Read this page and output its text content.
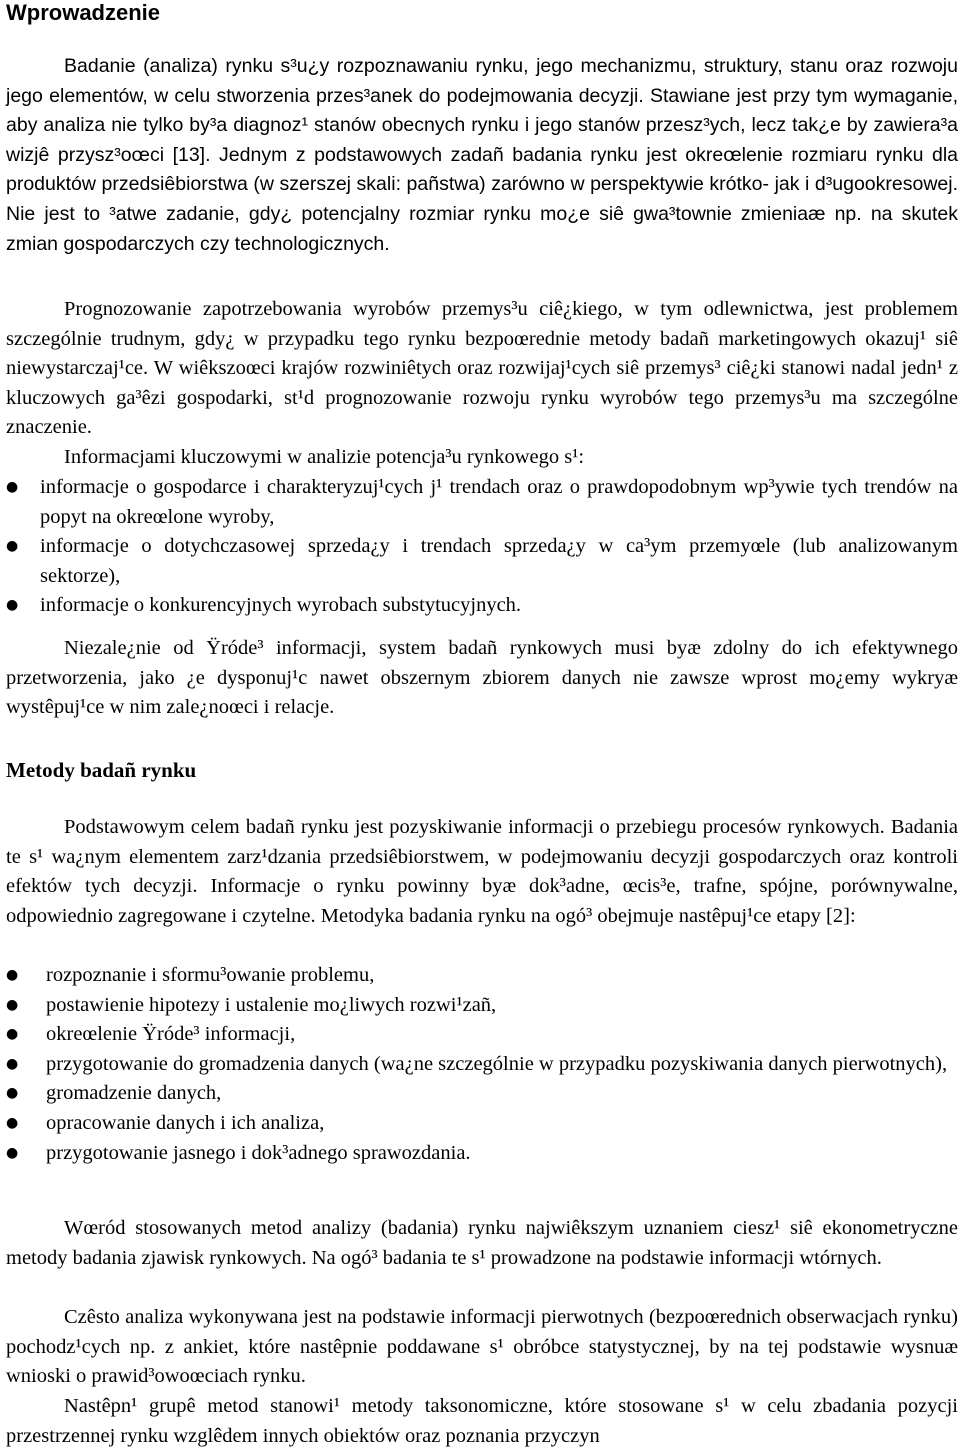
Wprowadzenie

Badanie (analiza) rynku s³u¿y rozpoznawaniu rynku, jego mechanizmu, struktury, stanu oraz rozwoju jego elementów, w celu stworzenia przes³anek do podejmowania decyzji. Stawiane jest przy tym wymaganie, aby analiza nie tylko by³a diagnoz¹ stanów obecnych rynku i jego stanów przesz³ych, lecz tak¿e by zawiera³a wizjê przysz³oœci [13]. Jednym z podstawowych zadañ badania rynku jest okreœlenie rozmiaru rynku dla produktów przedsiêbiorstwa (w szerszej skali: pañstwa) zarówno w perspektywie krótko- jak i d³ugookresowej. Nie jest to ³atwe zadanie, gdy¿ potencjalny rozmiar rynku mo¿e siê gwa³townie zmieniaæ np. na skutek zmian gospodarczych czy technologicznych.

Prognozowanie zapotrzebowania wyrobów przemys³u ciê¿kiego, w tym odlewnictwa, jest problemem szczególnie trudnym, gdy¿ w przypadku tego rynku bezpoœrednie metody badañ marketingowych okazuj¹ siê niewystarczaj¹ce. W wiêkszoœci krajów rozwiniêtych oraz rozwijaj¹cych siê przemys³ ciê¿ki stanowi nadal jedn¹ z kluczowych ga³êzi gospodarki, st¹d prognozowanie rozwoju rynku wyrobów tego przemys³u ma szczególne znaczenie.

Informacjami kluczowymi w analizie potencja³u rynkowego s¹:

● informacje o gospodarce i charakteryzuj¹cych j¹ trendach oraz o prawdopodobnym wp³ywie tych trendów na popyt na okreœlone wyroby,
● informacje o dotychczasowej sprzeda¿y i trendach sprzeda¿y w ca³ym przemyœle (lub analizowanym sektorze),
● informacje o konkurencyjnych wyrobach substytucyjnych.

Niezale¿nie od Ÿróde³ informacji, system badañ rynkowych musi byæ zdolny do ich efektywnego przetworzenia, jako ¿e dysponuj¹c nawet obszernym zbiorem danych nie zawsze wprost mo¿emy wykryæ wystêpuj¹ce w nim zale¿noœci i relacje.

Metody badañ rynku

Podstawowym celem badañ rynku jest pozyskiwanie informacji o przebiegu procesów rynkowych. Badania te s¹ wa¿nym elementem zarz¹dzania przedsiêbiorstwem, w podejmowaniu decyzji gospodarczych oraz kontroli efektów tych decyzji. Informacje o rynku powinny byæ dok³adne, œcis³e, trafne, spójne, porównywalne, odpowiednio zagregowane i czytelne. Metodyka badania rynku na ogó³ obejmuje nastêpuj¹ce etapy [2]:

● rozpoznanie i sformu³owanie problemu,
● postawienie hipotezy i ustalenie mo¿liwych rozwi¹zañ,
● okreœlenie Ÿróde³ informacji,
● przygotowanie do gromadzenia danych (wa¿ne szczególnie w przypadku pozyskiwania danych pierwotnych),
● gromadzenie danych,
● opracowanie danych i ich analiza,
● przygotowanie jasnego i dok³adnego sprawozdania.

Wœród stosowanych metod analizy (badania) rynku najwiêkszym uznaniem ciesz¹ siê ekonometryczne metody badania zjawisk rynkowych. Na ogó³ badania te s¹ prowadzone na podstawie informacji wtórnych.

Czêsto analiza wykonywana jest na podstawie informacji pierwotnych (bezpoœrednich obserwacjach rynku) pochodz¹cych np. z ankiet, które nastêpnie poddawane s¹ obróbce statystycznej, by na tej podstawie wysnuæ wnioski o prawid³owoœciach rynku.

Nastêpn¹ grupê metod stanowi¹ metody taksonomiczne, które stosowane s¹ w celu zbadania pozycji przestrzennej rynku wzglêdem innych obiektów oraz poznania przyczyn
